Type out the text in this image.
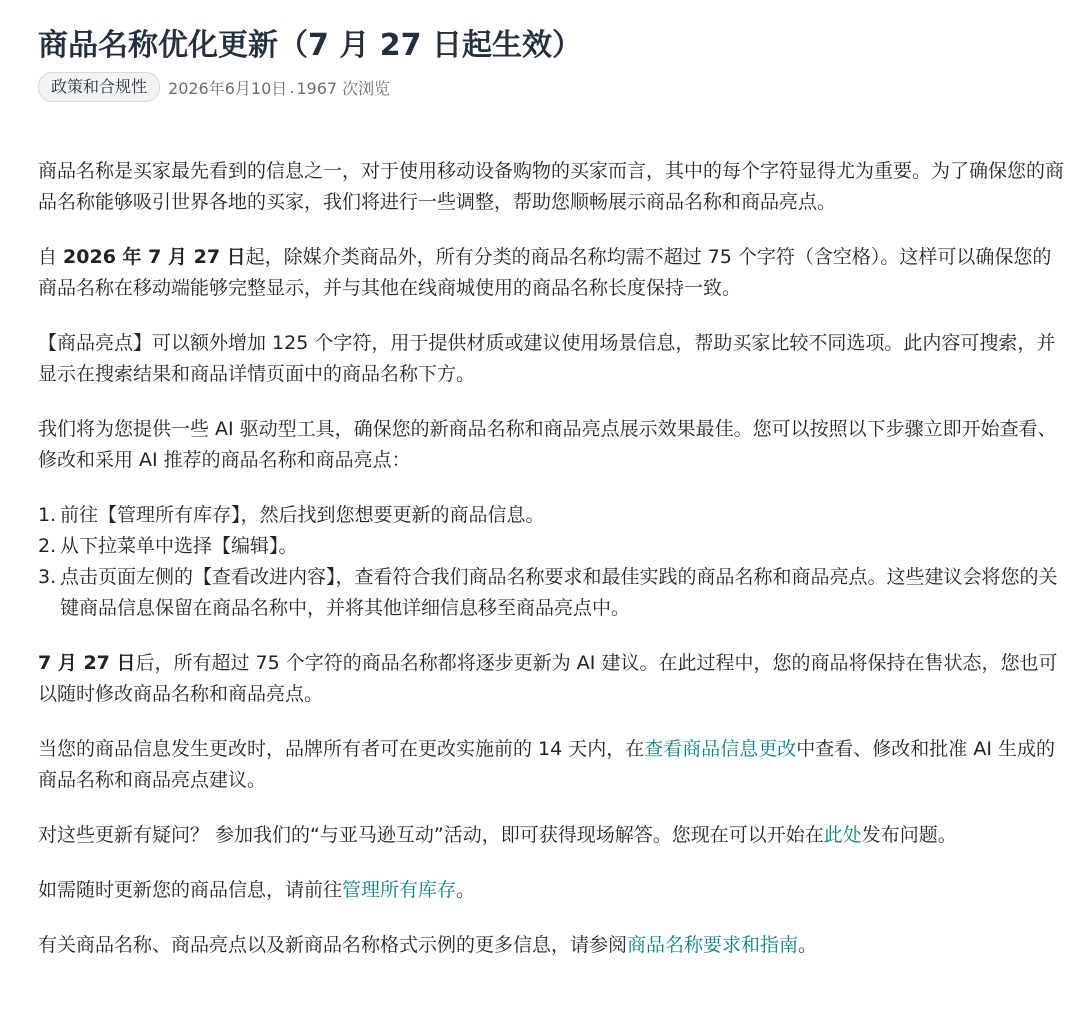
商品名称优化更新（7 月 27 日起生效）
政策和合规性	2026年6月10日 . 1967 次浏览

商品名称是买家最先看到的信息之一，对于使用移动设备购物的买家而言，其中的每个字符显得尤为重要。为了确保您的商品名称能够吸引世界各地的买家，我们将进行一些调整，帮助您顺畅展示商品名称和商品亮点。

自 2026 年 7 月 27 日起，除媒介类商品外，所有分类的商品名称均需不超过 75 个字符（含空格）。这样可以确保您的商品名称在移动端能够完整显示，并与其他在线商城使用的商品名称长度保持一致。

【商品亮点】可以额外增加 125 个字符，用于提供材质或建议使用场景信息，帮助买家比较不同选项。此内容可搜索，并显示在搜索结果和商品详情页面中的商品名称下方。

我们将为您提供一些 AI 驱动型工具，确保您的新商品名称和商品亮点展示效果最佳。您可以按照以下步骤立即开始查看、修改和采用 AI 推荐的商品名称和商品亮点：

1. 前往【管理所有库存】，然后找到您想要更新的商品信息。
2. 从下拉菜单中选择【编辑】。
3. 点击页面左侧的【查看改进内容】，查看符合我们商品名称要求和最佳实践的商品名称和商品亮点。这些建议会将您的关键商品信息保留在商品名称中，并将其他详细信息移至商品亮点中。

7 月 27 日后，所有超过 75 个字符的商品名称都将逐步更新为 AI 建议。在此过程中，您的商品将保持在售状态，您也可以随时修改商品名称和商品亮点。

当您的商品信息发生更改时，品牌所有者可在更改实施前的 14 天内，在查看商品信息更改中查看、修改和批准 AI 生成的商品名称和商品亮点建议。

对这些更新有疑问？ 参加我们的“与亚马逊互动”活动，即可获得现场解答。您现在可以开始在此处发布问题。

如需随时更新您的商品信息，请前往管理所有库存。

有关商品名称、商品亮点以及新商品名称格式示例的更多信息，请参阅商品名称要求和指南。
